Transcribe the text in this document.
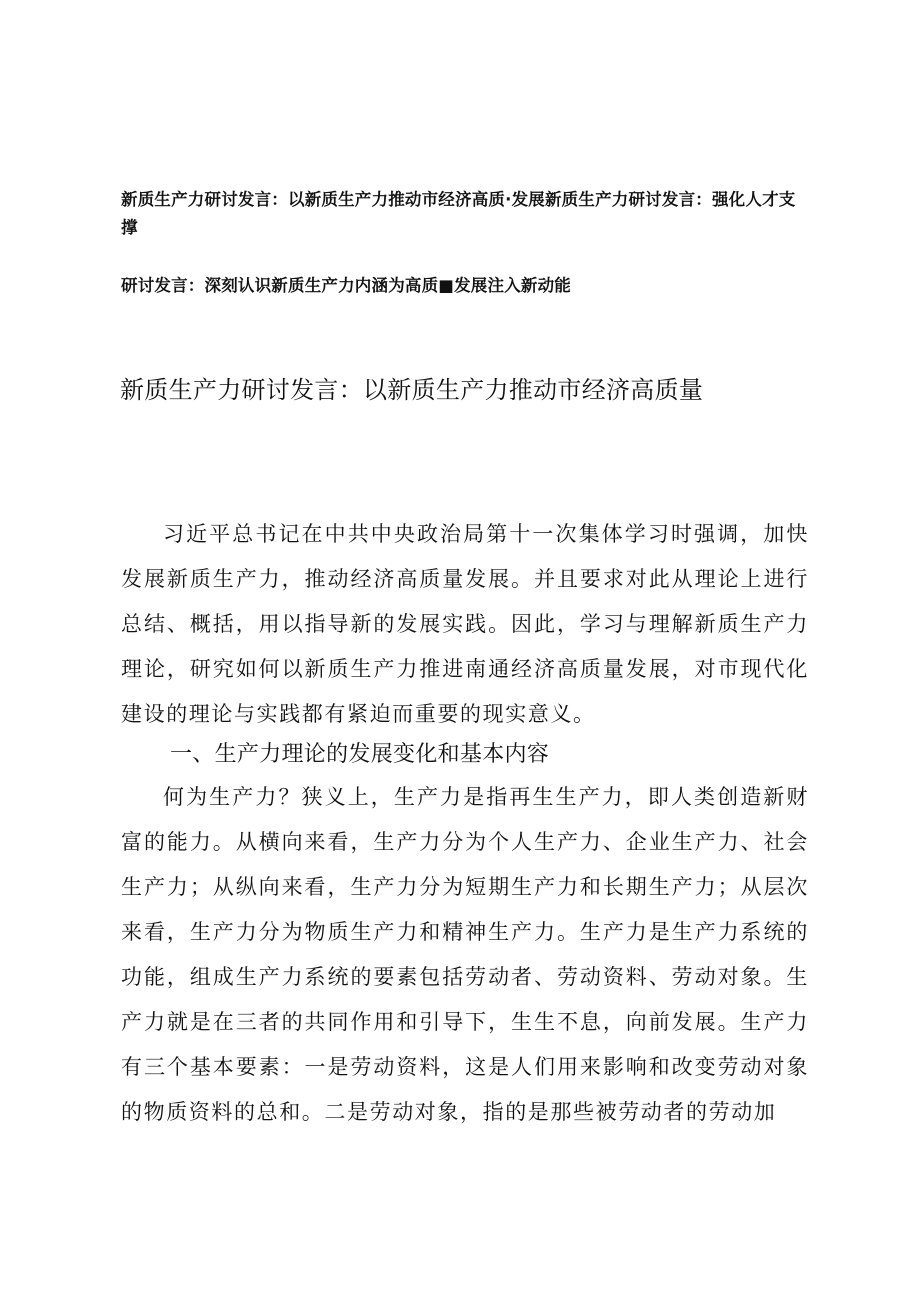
新质生产力研讨发言：以新质生产力推动市经济高质·发展新质生产力研讨发言：强化人才支撑
研讨发言：深刻认识新质生产力内涵为高质■发展注入新动能
新质生产力研讨发言：以新质生产力推动市经济高质量

习近平总书记在中共中央政治局第十一次集体学习时强调，加快发展新质生产力，推动经济高质量发展。并且要求对此从理论上进行总结、概括，用以指导新的发展实践。因此，学习与理解新质生产力理论，研究如何以新质生产力推进南通经济高质量发展，对市现代化建设的理论与实践都有紧迫而重要的现实意义。

一、生产力理论的发展变化和基本内容

何为生产力？狭义上，生产力是指再生生产力，即人类创造新财富的能力。从横向来看，生产力分为个人生产力、企业生产力、社会生产力；从纵向来看，生产力分为短期生产力和长期生产力；从层次来看，生产力分为物质生产力和精神生产力。生产力是生产力系统的功能，组成生产力系统的要素包括劳动者、劳动资料、劳动对象。生产力就是在三者的共同作用和引导下，生生不息，向前发展。生产力有三个基本要素：一是劳动资料，这是人们用来影响和改变劳动对象的物质资料的总和。二是劳动对象，指的是那些被劳动者的劳动加
